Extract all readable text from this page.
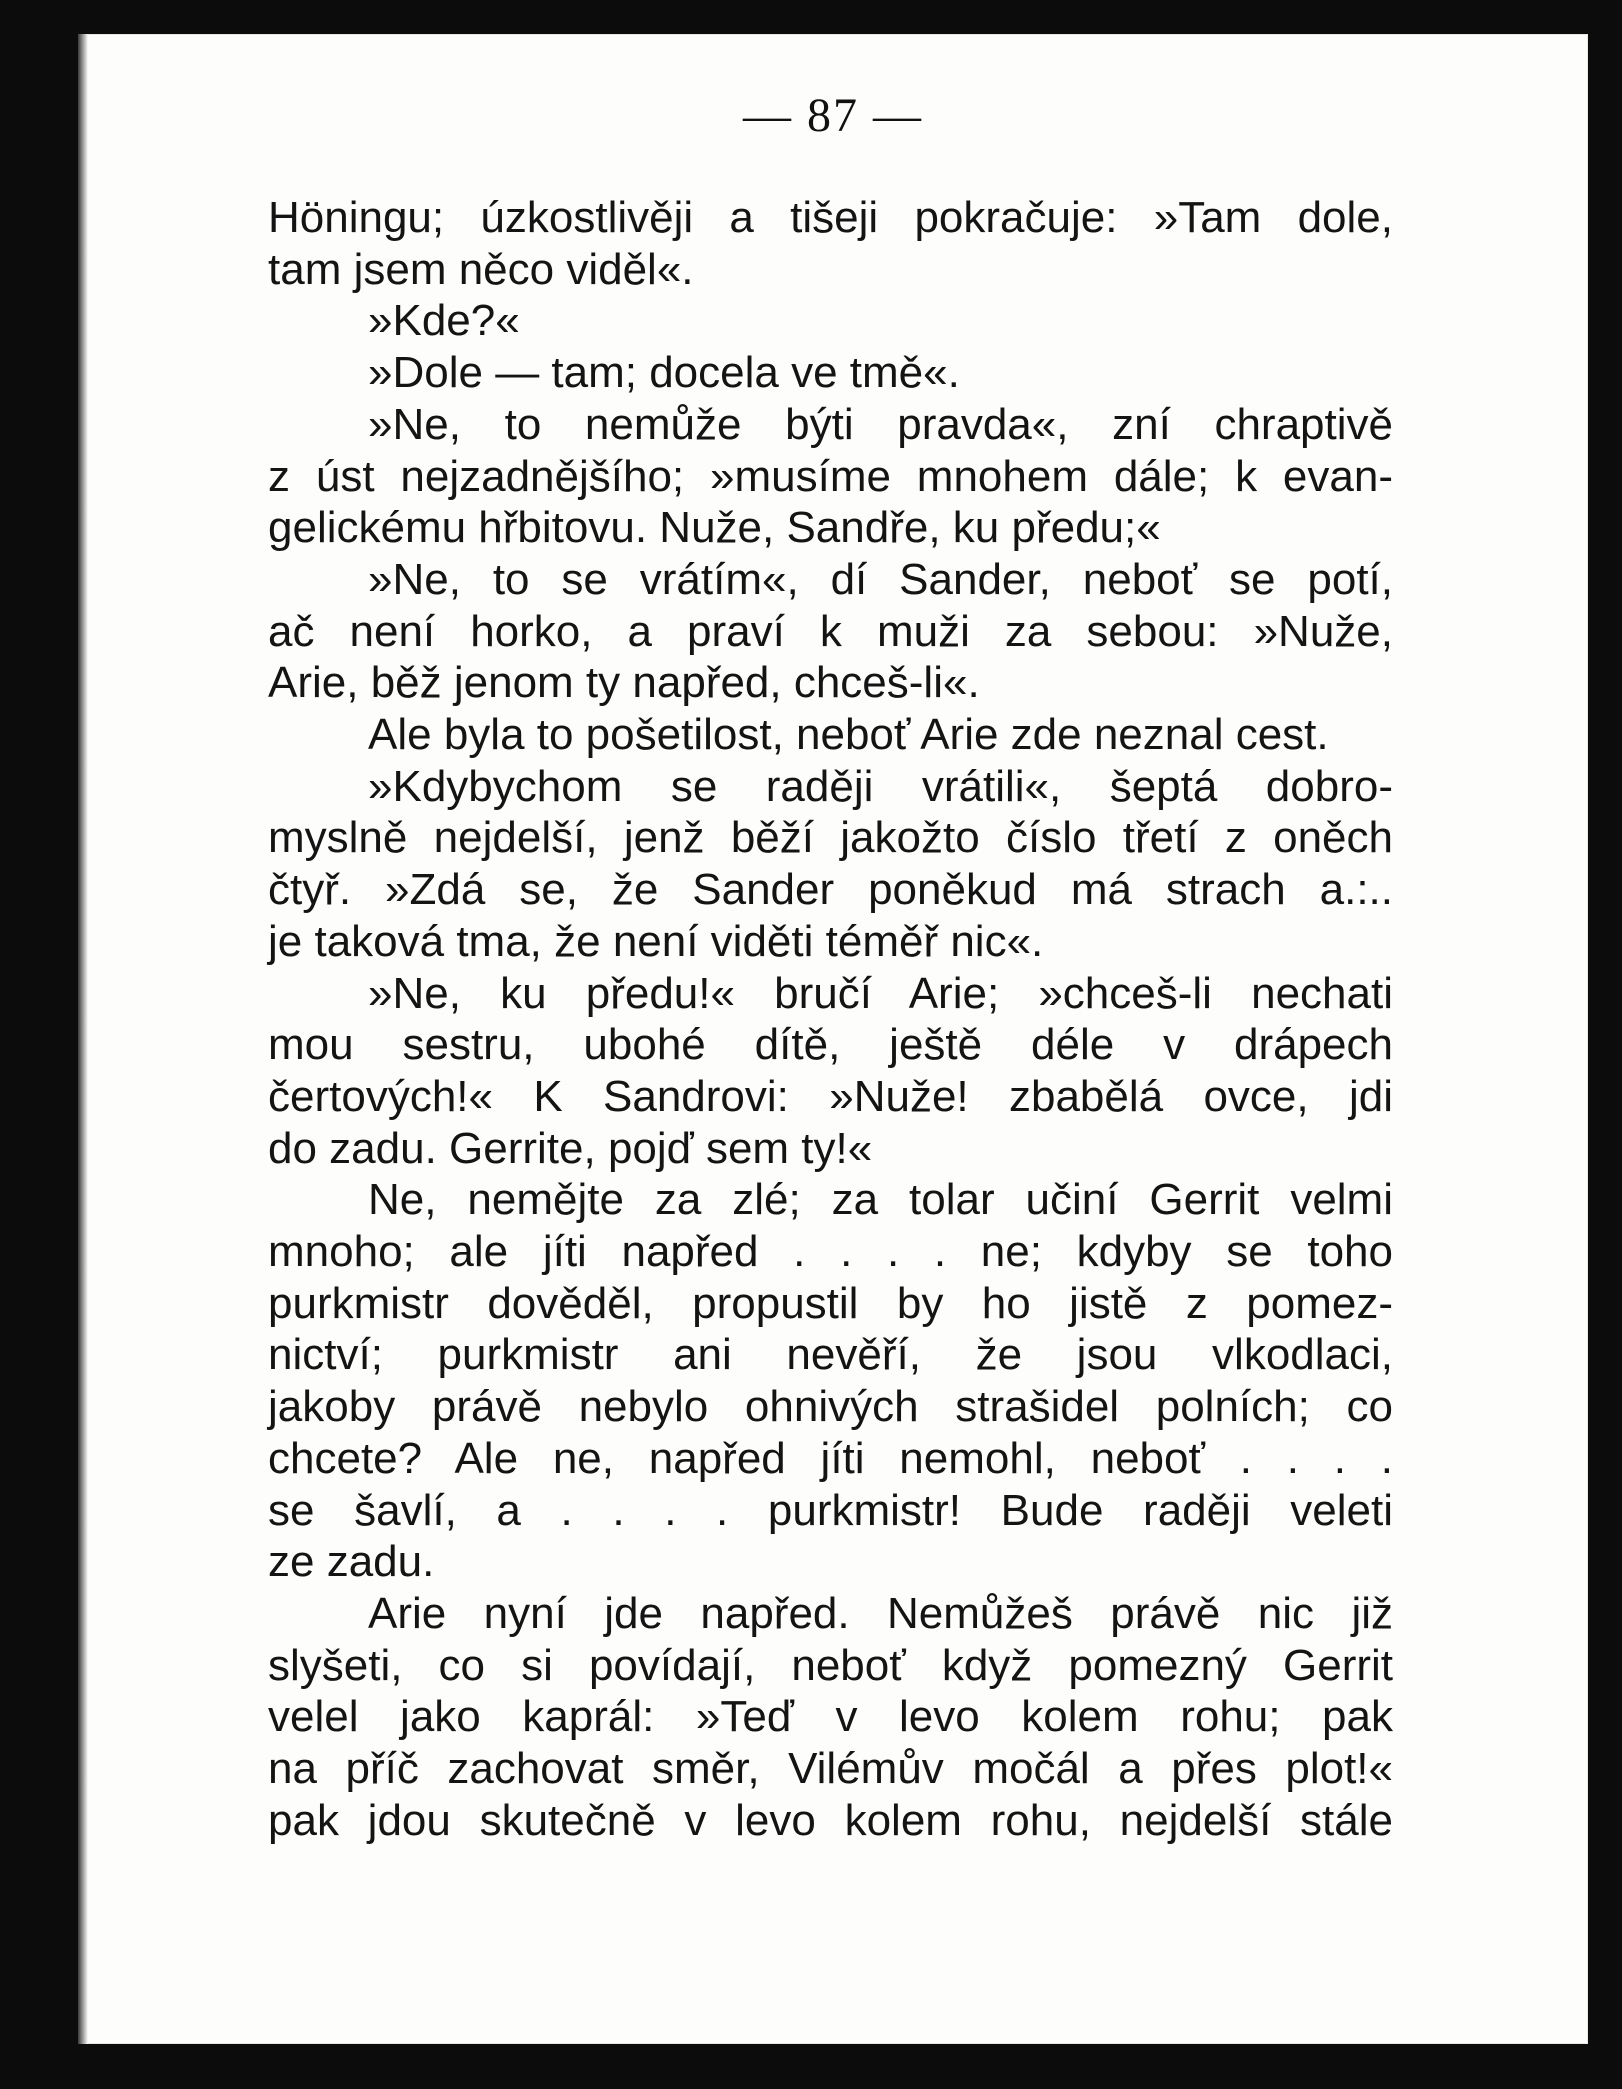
— 87 —
Höningu; úzkostlivěji a tišeji pokračuje: »Tam dole,
tam jsem něco viděl«.
»Kde?«
»Dole — tam; docela ve tmě«.
»Ne, to nemůže býti pravda«, zní chraptivě
z úst nejzadnějšího; »musíme mnohem dále; k evan-
gelickému hřbitovu. Nuže, Sandře, ku předu;«
»Ne, to se vrátím«, dí Sander, neboť se potí,
ač není horko, a praví k muži za sebou: »Nuže,
Arie, běž jenom ty napřed, chceš-li«.
Ale byla to pošetilost, neboť Arie zde neznal cest.
»Kdybychom se raději vrátili«, šeptá dobro-
myslně nejdelší, jenž běží jakožto číslo třetí z oněch
čtyř. »Zdá se, že Sander poněkud má strach a.:..
je taková tma, že není viděti téměř nic«.
»Ne, ku předu!« bručí Arie; »chceš-li nechati
mou sestru, ubohé dítě, ještě déle v drápech
čertových!« K Sandrovi: »Nuže! zbabělá ovce, jdi
do zadu. Gerrite, pojď sem ty!«
Ne, nemějte za zlé; za tolar učiní Gerrit velmi
mnoho; ale jíti napřed . . . . ne; kdyby se toho
purkmistr dověděl, propustil by ho jistě z pomez-
nictví; purkmistr ani nevěří, že jsou vlkodlaci,
jakoby právě nebylo ohnivých strašidel polních; co
chcete? Ale ne, napřed jíti nemohl, neboť . . . .
se šavlí, a . . . . purkmistr! Bude raději veleti
ze zadu.
Arie nyní jde napřed. Nemůžeš právě nic již
slyšeti, co si povídají, neboť když pomezný Gerrit
velel jako kaprál: »Teď v levo kolem rohu; pak
na příč zachovat směr, Vilémův močál a přes plot!«
pak jdou skutečně v levo kolem rohu, nejdelší stále
